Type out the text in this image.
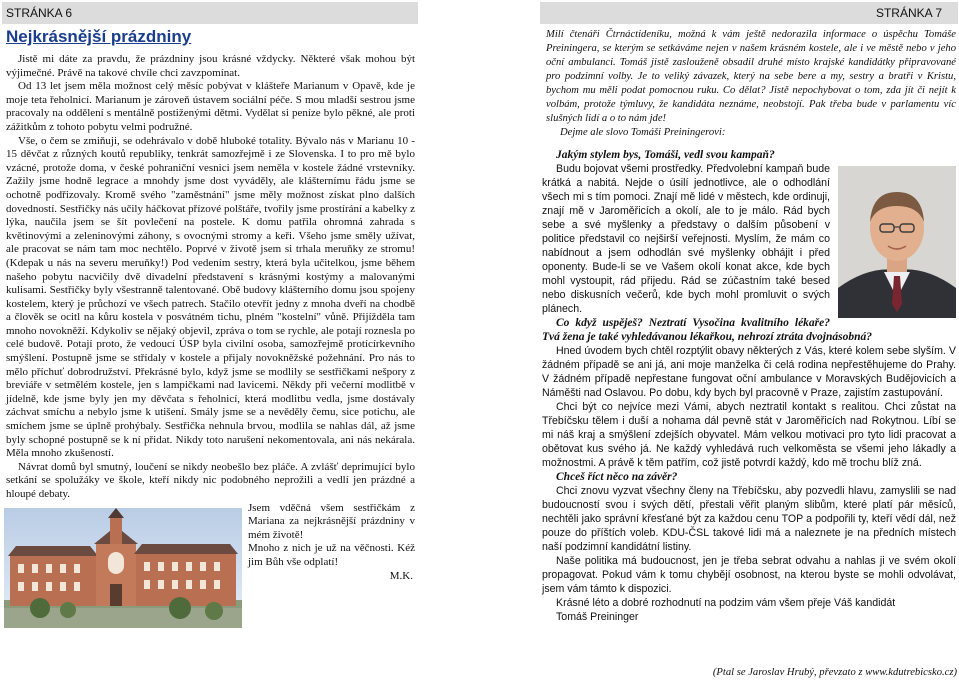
STRÁNKA 6
Nejkrásnější prázdniny

Jistě mi dáte za pravdu, že prázdniny jsou krásné vždycky. Některé však mohou být výjimečné. Právě na takové chvíle chci zavzpomínat.

Od 13 let jsem měla možnost celý měsíc pobývat v klášteře Marianum v Opavě, kde je moje teta řeholnicí. Marianum je zároveň ústavem sociální péče. S mou mladší sestrou jsme pracovaly na oddělení s mentálně postiženými dětmi. Vydělat si peníze bylo pěkné, ale proti zážitkům z tohoto pobytu velmi podružné.

Vše, o čem se zmiňuji, se odehrávalo v době hluboké totality. Bývalo nás v Marianu 10 - 15 děvčat z různých koutů republiky, tenkrát samozřejmě i ze Slovenska. I to pro mě bylo vzácné, protože doma, v české pohraniční vesnici jsem neměla v kostele žádné vrstevníky. Zažily jsme hodně legrace a mnohdy jsme dost vyváděly, ale klášternímu řádu jsme se ochotně podřizovaly. Kromě svého "zaměstnání" jsme měly možnost získat plno dalších dovedností. Sestřičky nás učily háčkovat přízové polštáře, tvořily jsme prostírání a kabelky z lýka, naučila jsem se šít povlečení na postele. K domu patřila ohromná zahrada s květinovými a zeleninovými záhony, s ovocnými stromy a keři. Všeho jsme směly užívat, ale pracovat se nám tam moc nechtělo. Poprvé v životě jsem si trhala meruňky ze stromu! (Kdepak u nás na severu meruňky!) Pod vedením sestry, která byla učitelkou, jsme během našeho pobytu nacvičily dvě divadelní představení s krásnými kostýmy a malovanými kulisami. Sestřičky byly všestranně talentované. Obě budovy klášterního domu jsou spojeny kostelem, který je průchozí ve všech patrech. Stačilo otevřít jedny z mnoha dveří na chodbě a člověk se ocitl na kůru kostela v posvátném tichu, plném "kostelní" vůně. Přijížděla tam mnoho novokněží. Kdykoliv se nějaký objevil, zpráva o tom se rychle, ale potají roznesla po celé budově. Potají proto, že vedoucí ÚSP byla civilní osoba, samozřejmě protícírkevního smýšlení. Postupně jsme se střídaly v kostele a přijaly novokněžské požehnání. Pro nás to mělo příchuť dobrodružství. Překrásné bylo, když jsme se modlily se sestřičkami nešpory z breviáře v setmělém kostele, jen s lampičkami nad lavicemi. Někdy při večerní modlitbě v jídelně, kde jsme byly jen my děvčata s řeholnicí, která modlitbu vedla, jsme dostávaly záchvat smíchu a nebylo jsme k utišení. Smály jsme se a nevěděly čemu, sice potichu, ale smíchem jsme se úplně prohýbaly. Sestřička nehnula brvou, modlila se nahlas dál, až jsme byly schopné postupně se k ní přidat. Nikdy toto narušení nekomentovala, ani nás nekárala. Měla mnoho zkušeností.

Návrat domů byl smutný, loučení se nikdy neobešlo bez pláče. A zvlášť deprimující bylo setkání se spolužáky ve škole, kteří nikdy nic podobného neprožili a vedlí jen prázdné a hloupé debaty.

Jsem vděčná všem sestřičkám z Mariana za nejkrásnější prázdniny v mém životě!

Mnoho z nich je už na věčnosti. Kéž jim Bůh vše odplatí!

M.K.

STRÁNKA 7

Milí čtenáři Čtrnáctideníku, možná k vám ještě nedorazila informace o úspěchu Tomáše Preiningera, se kterým se setkáváme nejen v našem krásném kostele, ale i ve městě nebo v jeho oční ambulanci. Tomáš jistě zaslouženě obsadil druhé místo krajské kandidátky připravované pro podzimní volby. Je to veliký závazek, který na sebe bere a my, sestry a bratři v Kristu, bychom mu měli podat pomocnou ruku. Co dělat? Jistě nepochybovat o tom, zda jít či nejít k volbám, protože týmluvy, že kandidáta neznáme, neobstojí. Pak třeba bude v parlamentu víc slušných lidí a o to nám jde!

Dejme ale slovo Tomáši Preiningerovi:

Jakým stylem bys, Tomáši, vedl svou kampaň?

Budu bojovat všemi prostředky. Předvolební kampaň bude krátká a nabitá. Nejde o úsilí jednotlivce, ale o odhodlání všech mi s tím pomoci. Znají mě lidé v městech, kde ordinuji, znají mě v Jaroměřicích a okolí, ale to je málo. Rád bych sebe a své myšlenky a představy o dalším působení v politice představil co nejširší veřejnosti. Myslím, že mám co nabídnout a jsem odhodlán své myšlenky obhájit i před oponenty. Bude-li se ve Vašem okolí konat akce, kde bych mohl vystoupit, rád přijedu. Rád se zúčastním také besed nebo diskusních večerů, kde bych mohl promluvit o svých plánech.

Co když uspěješ? Neztratí Vysočina kvalitního lékaře? Tvá žena je také vyhledávanou lékařkou, nehrozí ztráta dvojnásobná?

Hned úvodem bych chtěl rozptýlit obavy některých z Vás, které kolem sebe slyším. V žádném případě se ani já, ani moje manželka či celá rodina nepřestěhujeme do Prahy. V žádném případě nepřestane fungovat oční ambulance v Moravských Budějovicích a Náměšti nad Oslavou. Po dobu, kdy bych byl pracovně v Praze, zajistím zastupování.

Chci být co nejvíce mezi Vámi, abych neztratil kontakt s realitou. Chci zůstat na Třebíčsku tělem i duší a nohama dál pevně stát v Jaroměřicích nad Rokytnou. Líbí se mi náš kraj a smýšlení zdejších obyvatel. Mám velkou motivaci pro tyto lidi pracovat a obětovat kus svého já. Ne každý vyhledává ruch velkoměsta se všemi jeho lákadly a možnostmi. A právě k těm patřím, což jistě potvrdí každý, kdo mě trochu blíž zná.

Chceš říct něco na závěr?

Chci znovu vyzvat všechny členy na Třebíčsku, aby pozvedli hlavu, zamyslili se nad budoucností svou i svých dětí, přestali věřit planým slibům, které platí pár měsíců, nechtěli jako správní křesťané být za každou cenu TOP a podpořili ty, kteří vědí dál, než pouze do příštích voleb. KDU-ČSL takové lidi má a naleznete je na předních místech naší podzimní kandidátní listiny.

Naše politika má budoucnost, jen je třeba sebrat odvahu a nahlas ji ve svém okolí propagovat. Pokud vám k tomu chybějí osobnost, na kterou byste se mohli odvolávat, jsem vám támto k dispozici.

Krásné léto a dobré rozhodnutí na podzim vám všem přeje Váš kandidát

Tomáš Preininger

(Ptal se Jaroslav Hrubý, převzato z www.kdutrebicsko.cz)
